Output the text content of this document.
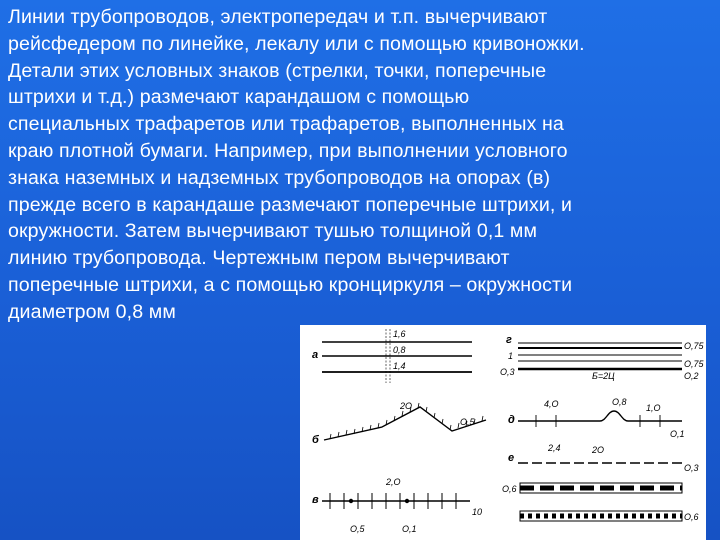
Линии трубопроводов, электропередач и т.п. вычерчивают
рейсфедером по линейке, лекалу или с помощью кривоножки.
Детали этих условных знаков (стрелки, точки, поперечные
штрихи и т.д.) размечают карандашом с помощью
специальных трафаретов или трафаретов, выполненных на
краю плотной бумаги. Например, при выполнении условного
знака наземных и надземных трубопроводов на опорах (в)
прежде всего в карандаше размечают поперечные штрихи, и
окружности. Затем вычерчивают тушью толщиной 0,1 мм
линию трубопровода. Чертежным пером вычерчивают
поперечные штрихи, а с помощью кронциркуля – окружности
диаметром 0,8 мм

а
1,6
0,8
1,4
б
2O
O,5
в
2,O
O,5	O,1
10
г
1
O,3
O,75
O,75
O,2
Б=2Ц
д
4,O	O,8
1,O
O,1
е
2,4	2O
O,3
O,6
O,6
